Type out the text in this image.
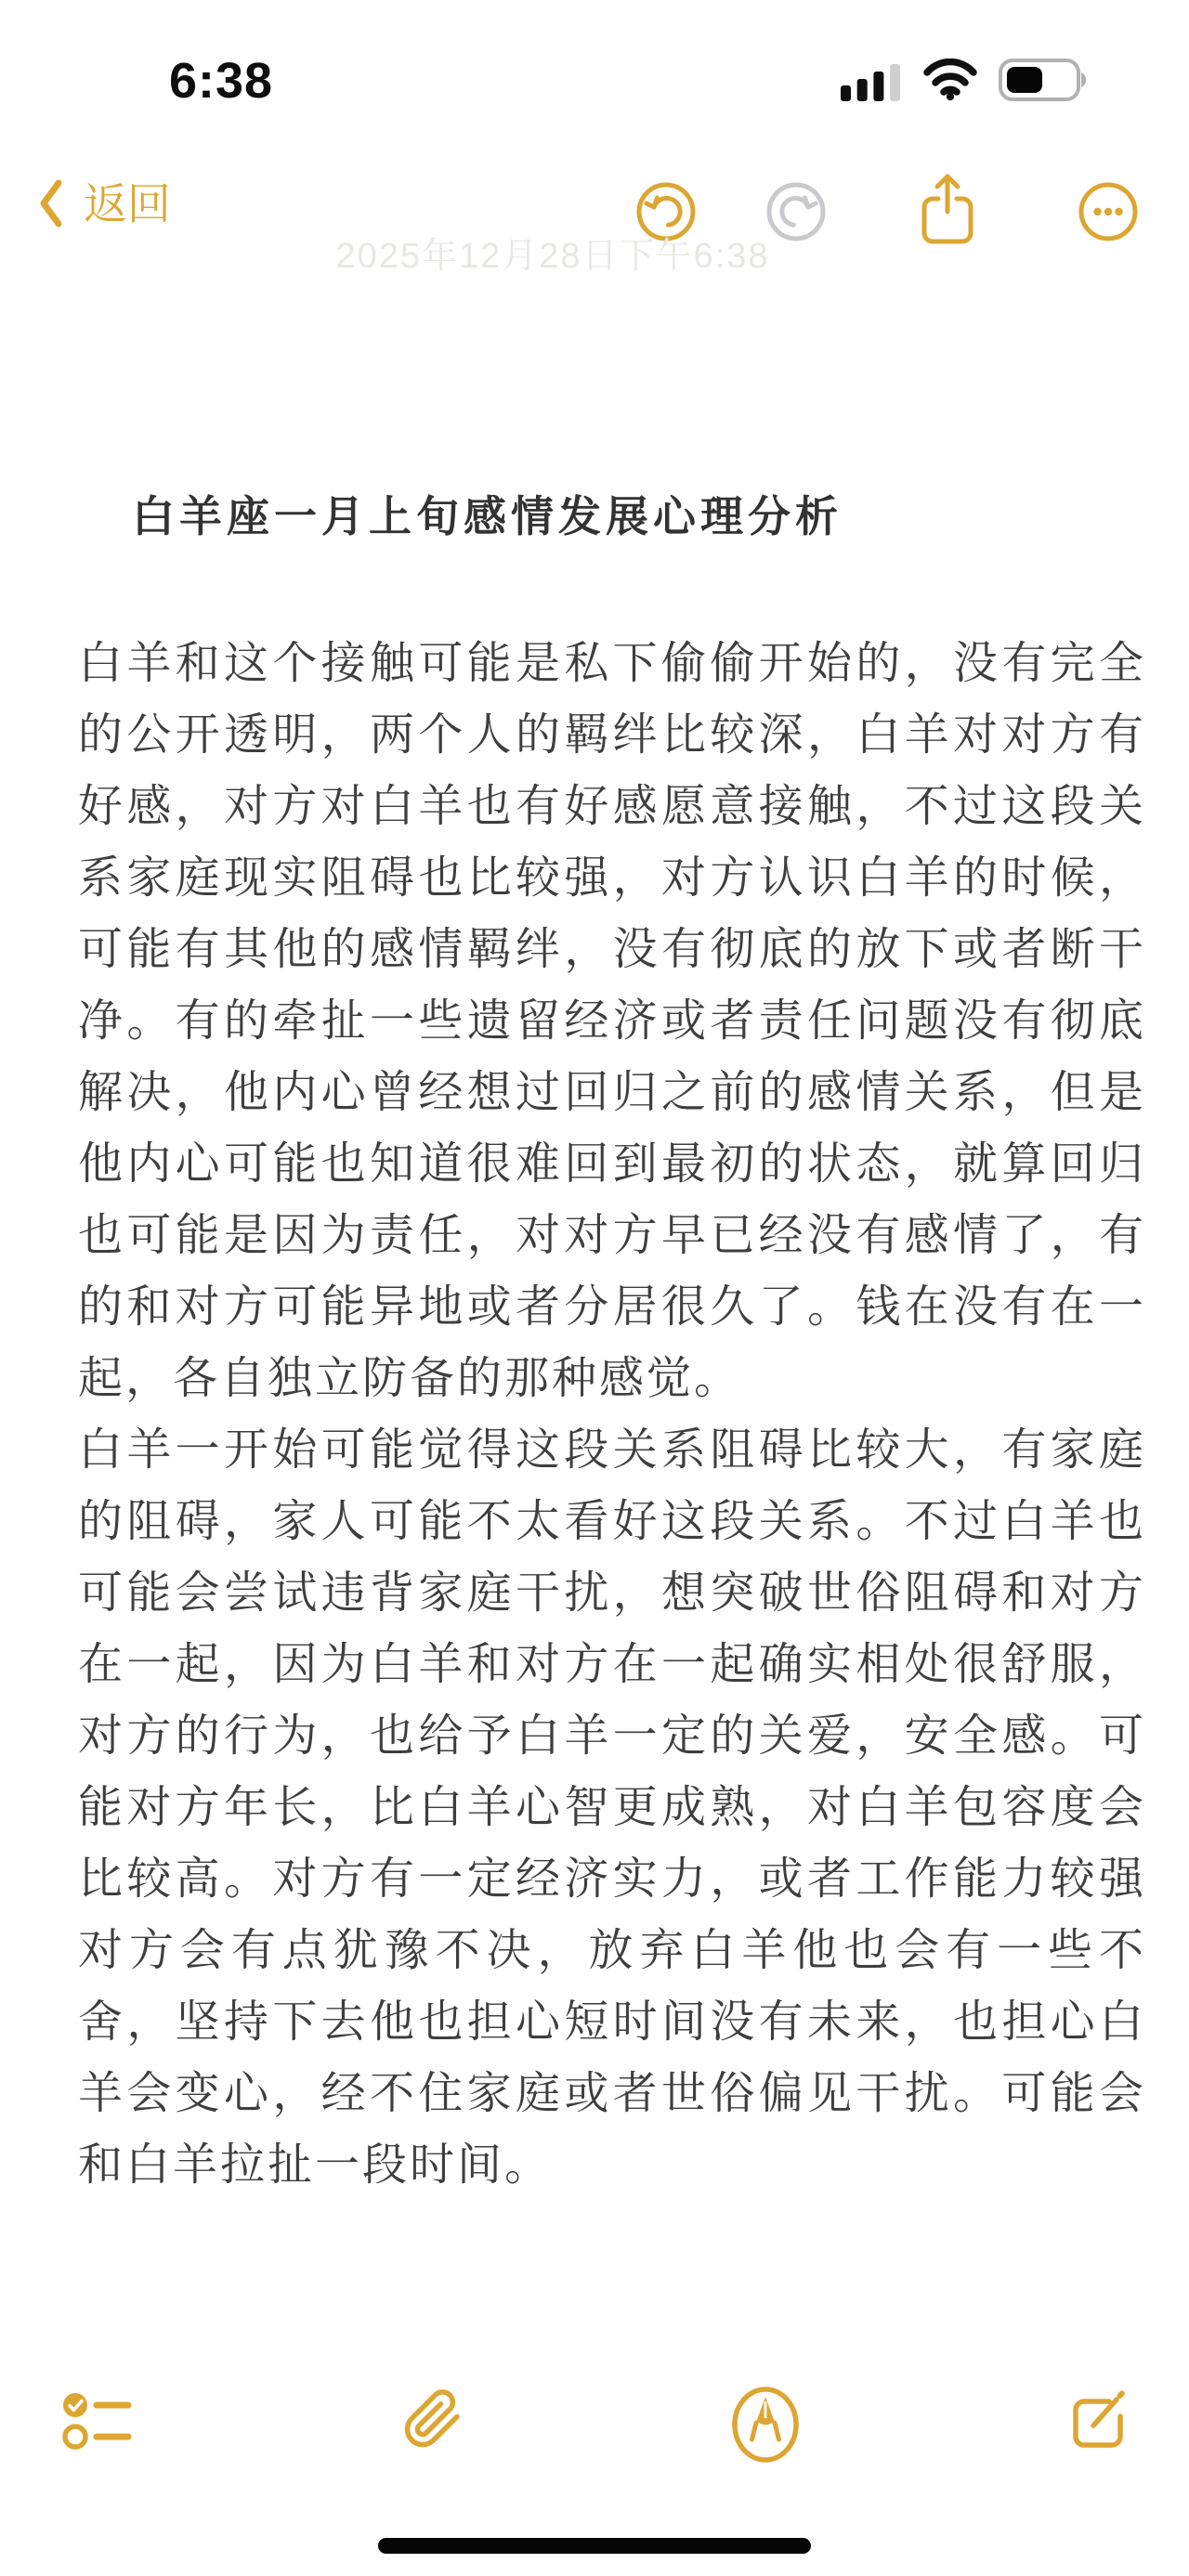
6:38
返回
2025年12月28日下午6:38
白羊座一月上旬感情发展心理分析

白羊和这个接触可能是私下偷偷开始的，没有完全的公开透明，两个人的羁绊比较深，白羊对对方有好感，对方对白羊也有好感愿意接触，不过这段关系家庭现实阻碍也比较强，对方认识白羊的时候，可能有其他的感情羁绊，没有彻底的放下或者断干净。有的牵扯一些遗留经济或者责任问题没有彻底解决，他内心曾经想过回归之前的感情关系，但是他内心可能也知道很难回到最初的状态，就算回归也可能是因为责任，对对方早已经没有感情了，有的和对方可能异地或者分居很久了。钱在没有在一起，各自独立防备的那种感觉。

白羊一开始可能觉得这段关系阻碍比较大，有家庭的阻碍，家人可能不太看好这段关系。不过白羊也可能会尝试违背家庭干扰，想突破世俗阻碍和对方在一起，因为白羊和对方在一起确实相处很舒服，对方的行为，也给予白羊一定的关爱，安全感。可能对方年长，比白羊心智更成熟，对白羊包容度会比较高。对方有一定经济实力，或者工作能力较强对方会有点犹豫不决，放弃白羊他也会有一些不舍，坚持下去他也担心短时间没有未来，也担心白羊会变心，经不住家庭或者世俗偏见干扰。可能会和白羊拉扯一段时间。
